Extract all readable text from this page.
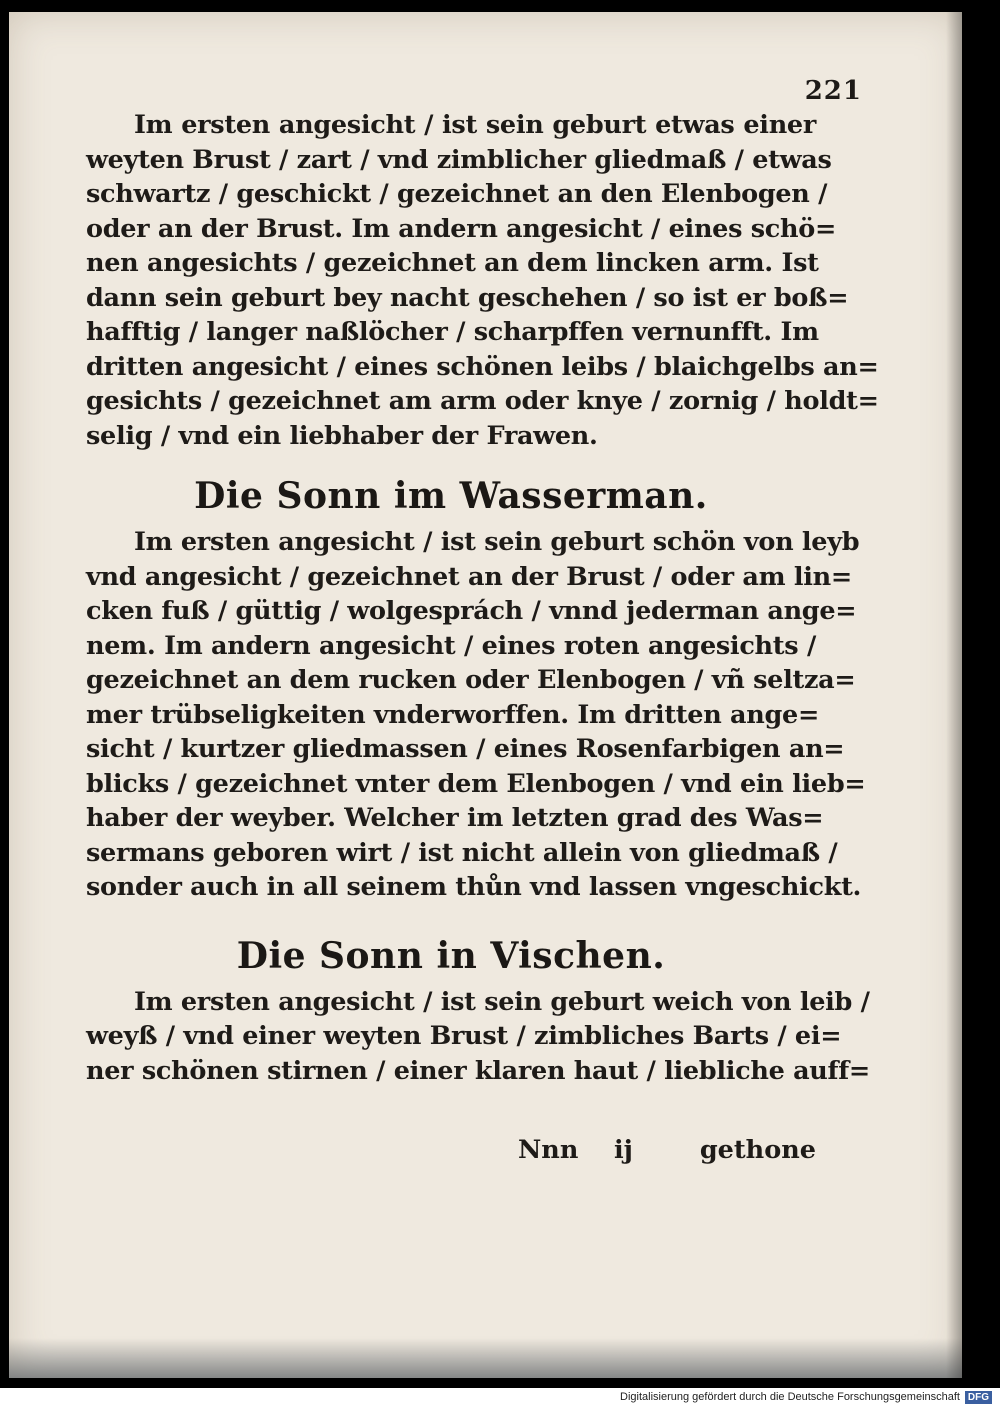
221
Im ersten angesicht / ist sein geburt etwas einer
weyten Brust / zart / vnd zimblicher gliedmaß / etwas
schwartz / geschickt / gezeichnet an den Elenbogen /
oder an der Brust. Im andern angesicht / eines schö=
nen angesichts / gezeichnet an dem lincken arm. Ist
dann sein geburt bey nacht geschehen / so ist er boß=
hafftig / langer naßlöcher / scharpffen vernunfft. Im
dritten angesicht / eines schönen leibs / blaichgelbs an=
gesichts / gezeichnet am arm oder knye / zornig / holdt=
selig / vnd ein liebhaber der Frawen.
Die Sonn im Wasserman.
Im ersten angesicht / ist sein geburt schön von leyb
vnd angesicht / gezeichnet an der Brust / oder am lin=
cken fuß / güttig / wolgesprách / vnnd jederman ange=
nem. Im andern angesicht / eines roten angesichts /
gezeichnet an dem rucken oder Elenbogen / vñ seltza=
mer trübseligkeiten vnderworffen. Im dritten ange=
sicht / kurtzer gliedmassen / eines Rosenfarbigen an=
blicks / gezeichnet vnter dem Elenbogen / vnd ein lieb=
haber der weyber. Welcher im letzten grad des Was=
sermans geboren wirt / ist nicht allein von gliedmaß /
sonder auch in all seinem thůn vnd lassen vngeschickt.
Die Sonn in Vischen.
Im ersten angesicht / ist sein geburt weich von leib /
weyß / vnd einer weyten Brust / zimbliches Barts / ei=
ner schönen stirnen / einer klaren haut / liebliche auff=
Nnn ij	gethone
Digitalisierung gefördert durch die Deutsche Forschungsgemeinschaft DFG
